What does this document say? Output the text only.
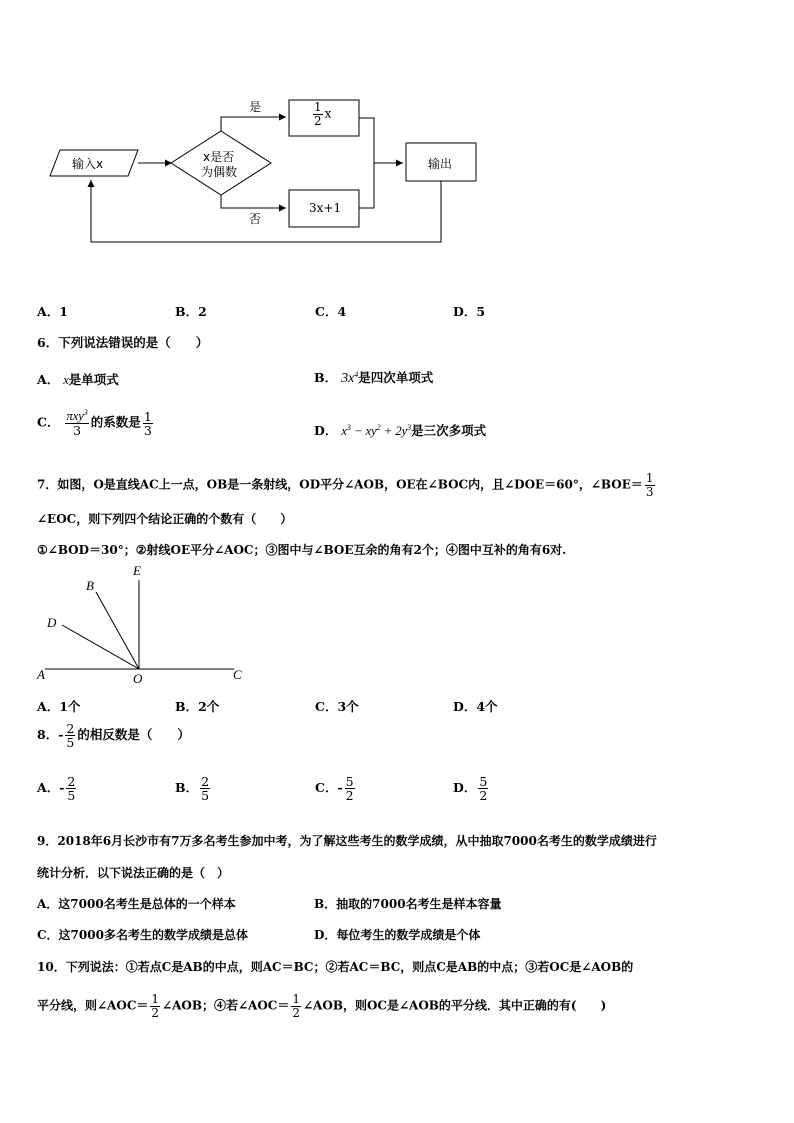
输入x	x是否
为偶数
是
否
$\frac{1}{2}$ x
3x+1
输出
A．1	B．2	C．4	D．5
6．下列说法错误的是（　　）
A． x是单项式	B． $3x^4$是四次单项式
C． $\frac{\pi xy^3}{3}$ 的系数是 $\frac{1}{3}$	D． $x^3 - xy^2 + 2y^3$是三次多项式
7．如图，O是直线AC上一点，OB是一条射线，OD平分∠AOB，OE在∠BOC内，且∠DOE＝60°，∠BOE＝ $\frac{1}{3}$
∠EOC，则下列四个结论正确的个数有（　　）
①∠BOD＝30°；②射线OE平分∠AOC；③图中与∠BOE互余的角有2个；④图中互补的角有6对.
E
B
D
A	O	C
A．1个	B．2个	C．3个	D．4个
8．- $\frac{2}{5}$ 的相反数是（　　）
A．- $\frac{2}{5}$	B． $\frac{2}{5}$	C．- $\frac{5}{2}$	D． $\frac{5}{2}$
9．2018年6月长沙市有7万多名考生参加中考，为了解这些考生的数学成绩，从中抽取7000名考生的数学成绩进行
统计分析．以下说法正确的是（　）
A．这7000名考生是总体的一个样本	B．抽取的7000名考生是样本容量
C．这7000多名考生的数学成绩是总体	D．每位考生的数学成绩是个体
10．下列说法：①若点C是AB的中点，则AC＝BC；②若AC＝BC，则点C是AB的中点；③若OC是∠AOB的
平分线，则∠AOC＝ $\frac{1}{2}$ ∠AOB；④若∠AOC＝ $\frac{1}{2}$ ∠AOB，则OC是∠AOB的平分线．其中正确的有(　　)
